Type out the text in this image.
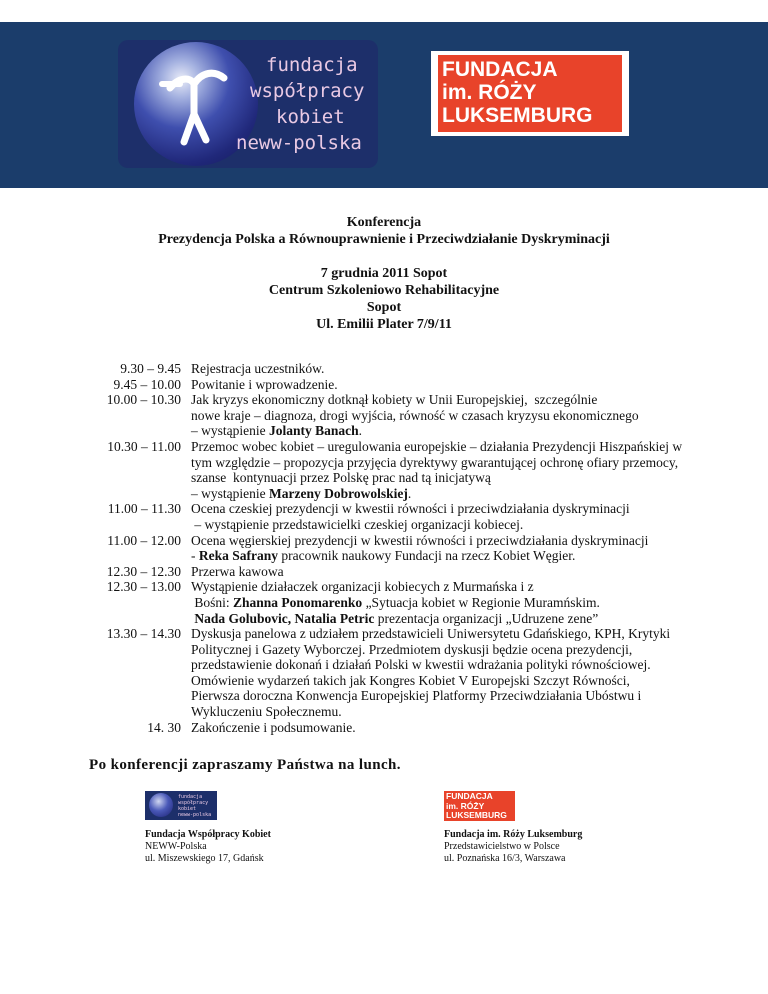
fundacja
współpracy
kobiet
neww-polska
FUNDACJA
im. RÓŻY
LUKSEMBURG
Konferencja
Prezydencja Polska a Równouprawnienie i Przeciwdziałanie Dyskryminacji
7 grudnia 2011 Sopot
Centrum Szkoleniowo Rehabilitacyjne
Sopot
Ul. Emilii Plater 7/9/11
9.30 – 9.45 Rejestracja uczestników.
9.45 – 10.00 Powitanie i wprowadzenie.
10.00 – 10.30 Jak kryzys ekonomiczny dotknął kobiety w Unii Europejskiej,  szczególnie
nowe kraje – diagnoza, drogi wyjścia, równość w czasach kryzysu ekonomicznego
– wystąpienie Jolanty Banach.
10.30 – 11.00 Przemoc wobec kobiet – uregulowania europejskie – działania Prezydencji Hiszpańskiej w
tym względzie – propozycja przyjęcia dyrektywy gwarantującej ochronę ofiary przemocy,
szanse  kontynuacji przez Polskę prac nad tą inicjatywą
– wystąpienie Marzeny Dobrowolskiej.
11.00 – 11.30 Ocena czeskiej prezydencji w kwestii równości i przeciwdziałania dyskryminacji
– wystąpienie przedstawicielki czeskiej organizacji kobiecej.
11.00 – 12.00 Ocena węgierskiej prezydencji w kwestii równości i przeciwdziałania dyskryminacji
- Reka Safrany pracownik naukowy Fundacji na rzecz Kobiet Węgier.
12.30 – 12.30 Przerwa kawowa
12.30 – 13.00 Wystąpienie działaczek organizacji kobiecych z Murmańska i z
Bośni: Zhanna Ponomarenko „Sytuacja kobiet w Regionie Muramńskim.
Nada Golubovic, Natalia Petric prezentacja organizacji „Udruzene zene”
13.30 – 14.30 Dyskusja panelowa z udziałem przedstawicieli Uniwersytetu Gdańskiego, KPH, Krytyki
Politycznej i Gazety Wyborczej. Przedmiotem dyskusji będzie ocena prezydencji,
przedstawienie dokonań i działań Polski w kwestii wdrażania polityki równościowej.
Omówienie wydarzeń takich jak Kongres Kobiet V Europejski Szczyt Równości,
Pierwsza doroczna Konwencja Europejskiej Platformy Przeciwdziałania Ubóstwu i
Wykluczeniu Społecznemu.
14. 30 Zakończenie i podsumowanie.
Po konferencji zapraszamy Państwa na lunch.
fundacja
współpracy
kobiet
neww-polska
FUNDACJA
im. RÓŻY
LUKSEMBURG
Fundacja Współpracy Kobiet
NEWW-Polska
ul. Miszewskiego 17, Gdańsk
Fundacja im. Róży Luksemburg
Przedstawicielstwo w Polsce
ul. Poznańska 16/3, Warszawa
